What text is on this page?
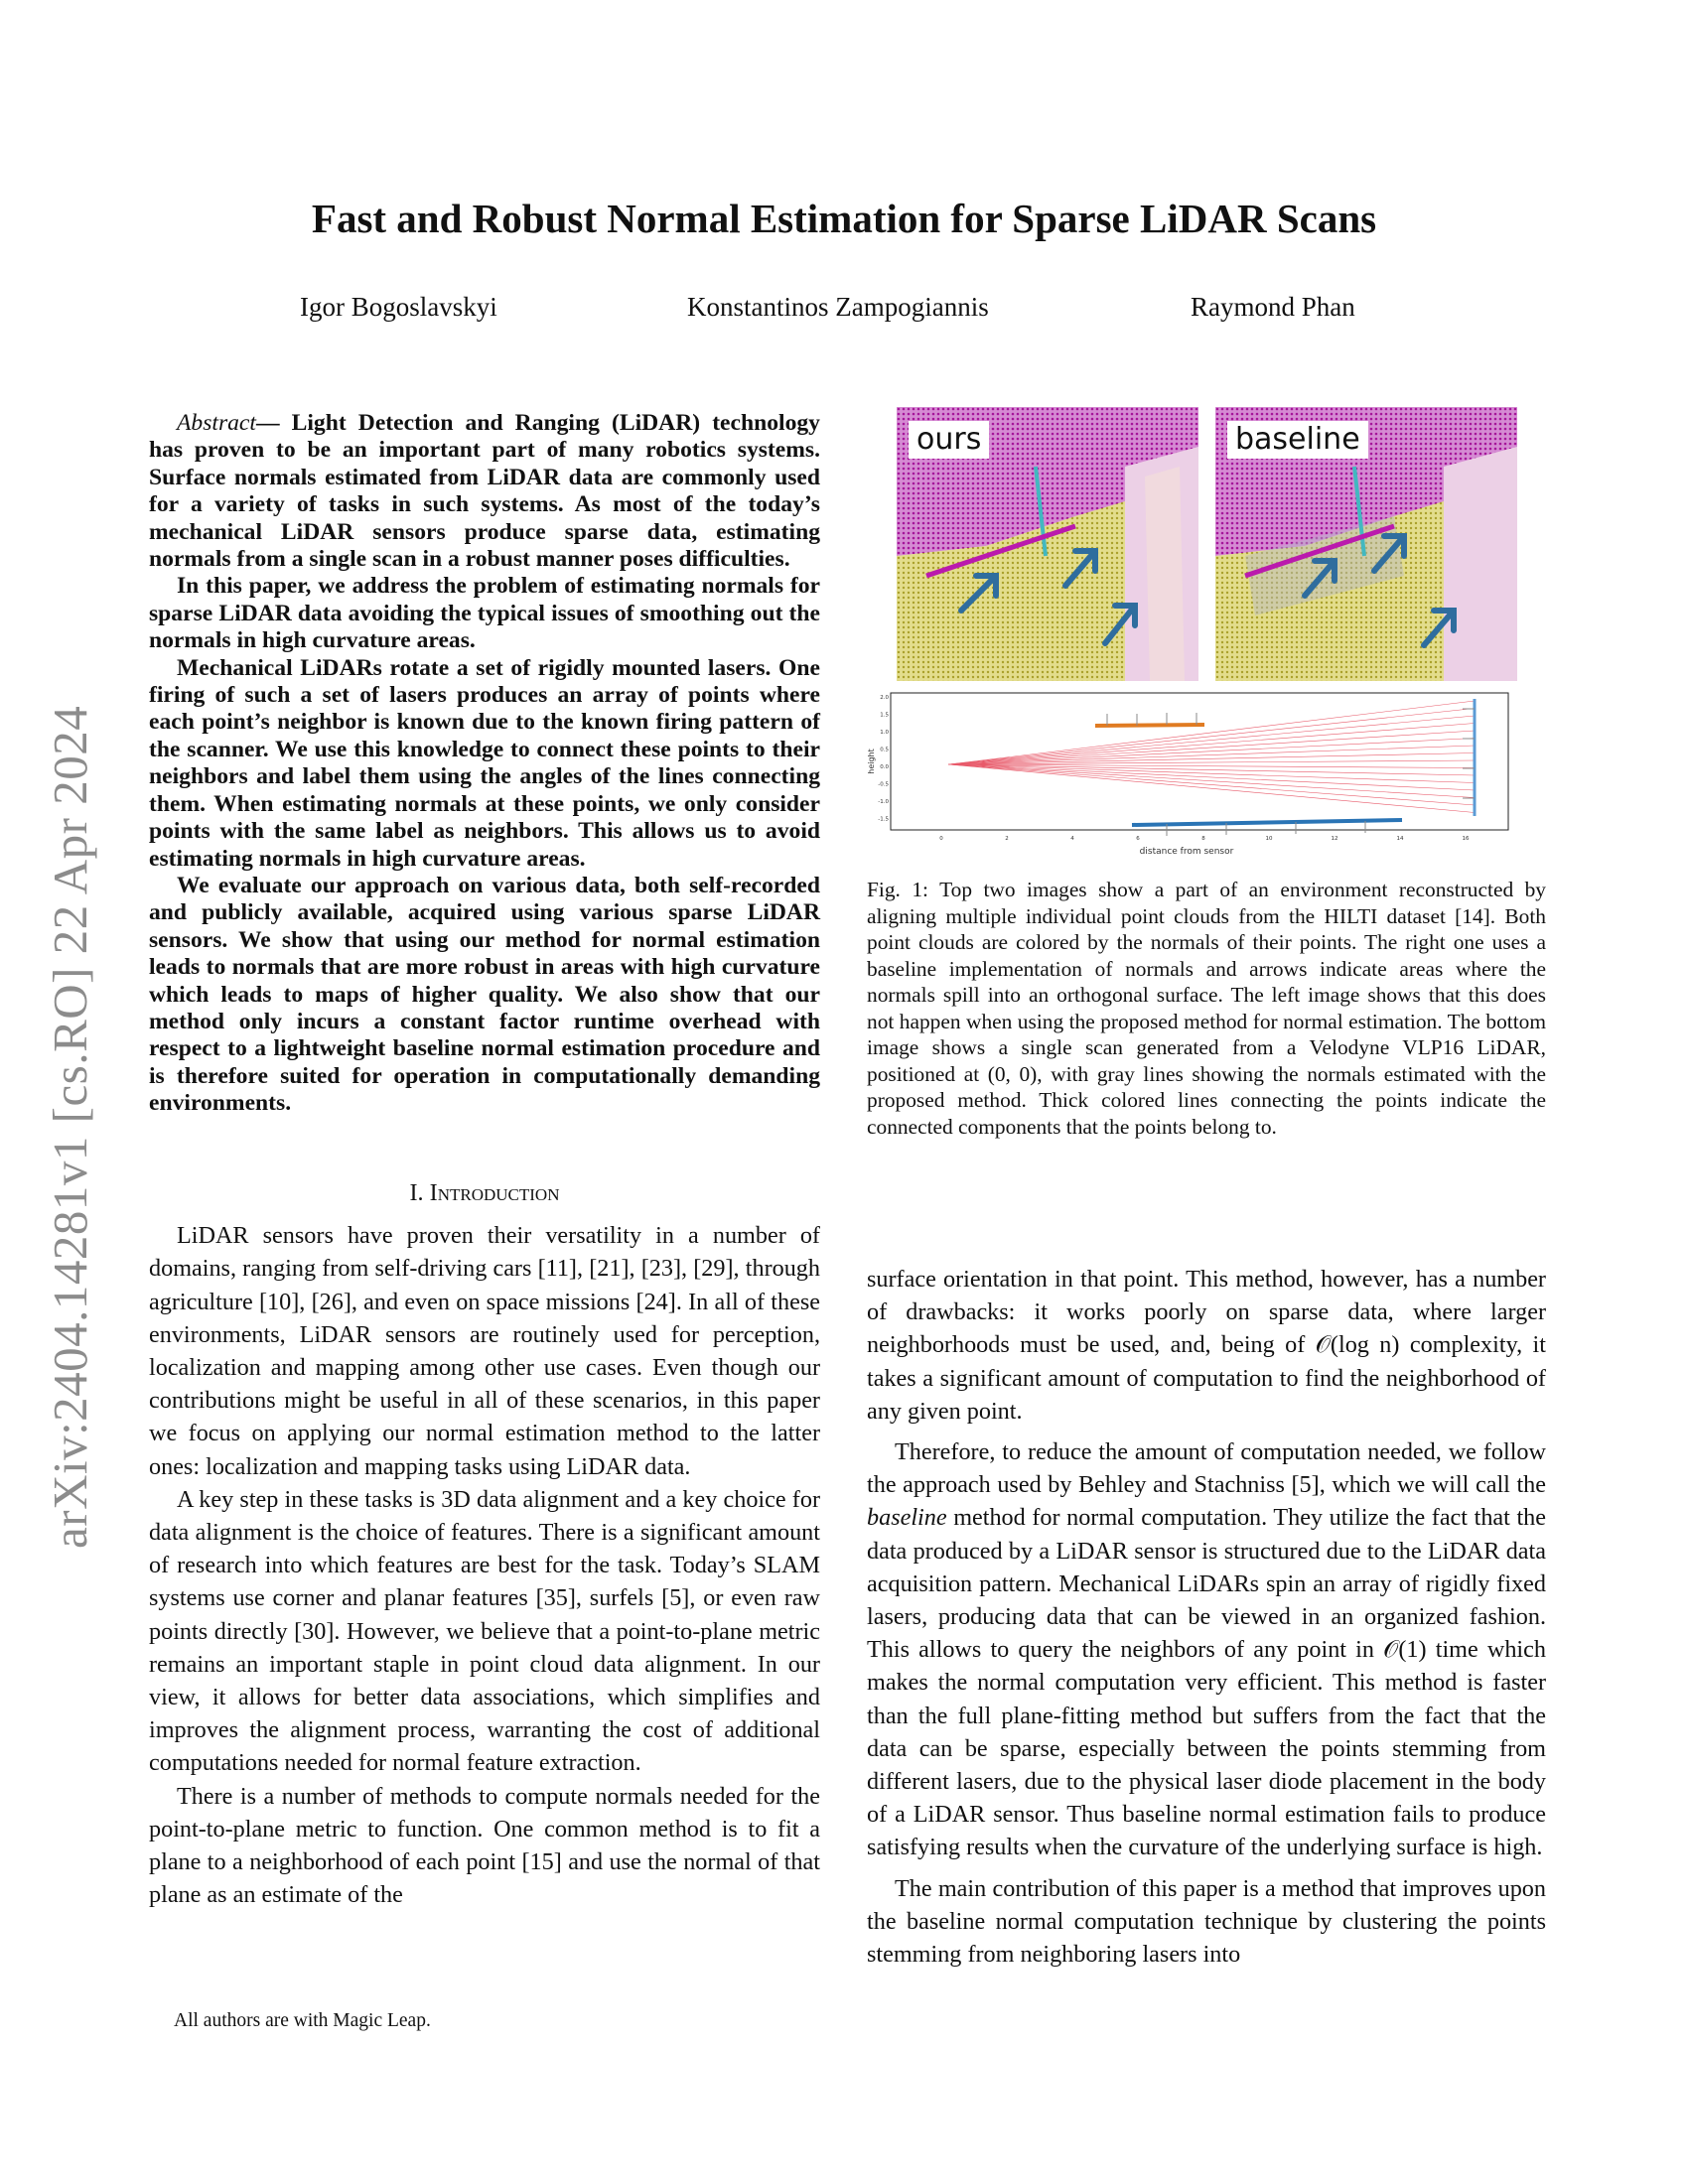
arXiv:2404.14281v1 [cs.RO] 22 Apr 2024
Fast and Robust Normal Estimation for Sparse LiDAR Scans
Igor Bogoslavskyi	Konstantinos Zampogiannis	Raymond Phan

Abstract— Light Detection and Ranging (LiDAR) technology has proven to be an important part of many robotics systems. Surface normals estimated from LiDAR data are commonly used for a variety of tasks in such systems. As most of the today’s mechanical LiDAR sensors produce sparse data, estimating normals from a single scan in a robust manner poses difficulties.

In this paper, we address the problem of estimating normals for sparse LiDAR data avoiding the typical issues of smoothing out the normals in high curvature areas.

Mechanical LiDARs rotate a set of rigidly mounted lasers. One firing of such a set of lasers produces an array of points where each point’s neighbor is known due to the known firing pattern of the scanner. We use this knowledge to connect these points to their neighbors and label them using the angles of the lines connecting them. When estimating normals at these points, we only consider points with the same label as neighbors. This allows us to avoid estimating normals in high curvature areas.

We evaluate our approach on various data, both self-recorded and publicly available, acquired using various sparse LiDAR sensors. We show that using our method for normal estimation leads to normals that are more robust in areas with high curvature which leads to maps of higher quality. We also show that our method only incurs a constant factor runtime overhead with respect to a lightweight baseline normal estimation procedure and is therefore suited for operation in computationally demanding environments.

I. Introduction

LiDAR sensors have proven their versatility in a number of domains, ranging from self-driving cars [11], [21], [23], [29], through agriculture [10], [26], and even on space missions [24]. In all of these environments, LiDAR sensors are routinely used for perception, localization and mapping among other use cases. Even though our contributions might be useful in all of these scenarios, in this paper we focus on applying our normal estimation method to the latter ones: localization and mapping tasks using LiDAR data.

A key step in these tasks is 3D data alignment and a key choice for data alignment is the choice of features. There is a significant amount of research into which features are best for the task. Today’s SLAM systems use corner and planar features [35], surfels [5], or even raw points directly [30]. However, we believe that a point-to-plane metric remains an important staple in point cloud data alignment. In our view, it allows for better data associations, which simplifies and improves the alignment process, warranting the cost of additional computations needed for normal feature extraction.

There is a number of methods to compute normals needed for the point-to-plane metric to function. One common method is to fit a plane to a neighborhood of each point [15] and use the normal of that plane as an estimate of the

All authors are with Magic Leap.
ours	baseline
2.0
1.5
1.0
0.5
0.0
-0.5
-1.0
-1.5
0	2	4	6	8	10	12	14	16
distance from sensor
height
Fig. 1: Top two images show a part of an environment reconstructed by aligning multiple individual point clouds from the HILTI dataset [14]. Both point clouds are colored by the normals of their points. The right one uses a baseline implementation of normals and arrows indicate areas where the normals spill into an orthogonal surface. The left image shows that this does not happen when using the proposed method for normal estimation. The bottom image shows a single scan generated from a Velodyne VLP16 LiDAR, positioned at (0, 0), with gray lines showing the normals estimated with the proposed method. Thick colored lines connecting the points indicate the connected components that the points belong to.

surface orientation in that point. This method, however, has a number of drawbacks: it works poorly on sparse data, where larger neighborhoods must be used, and, being of 𝒪(log n) complexity, it takes a significant amount of computation to find the neighborhood of any given point.

Therefore, to reduce the amount of computation needed, we follow the approach used by Behley and Stachniss [5], which we will call the baseline method for normal computation. They utilize the fact that the data produced by a LiDAR sensor is structured due to the LiDAR data acquisition pattern. Mechanical LiDARs spin an array of rigidly fixed lasers, producing data that can be viewed in an organized fashion. This allows to query the neighbors of any point in 𝒪(1) time which makes the normal computation very efficient. This method is faster than the full plane-fitting method but suffers from the fact that the data can be sparse, especially between the points stemming from different lasers, due to the physical laser diode placement in the body of a LiDAR sensor. Thus baseline normal estimation fails to produce satisfying results when the curvature of the underlying surface is high.

The main contribution of this paper is a method that improves upon the baseline normal computation technique by clustering the points stemming from neighboring lasers into
